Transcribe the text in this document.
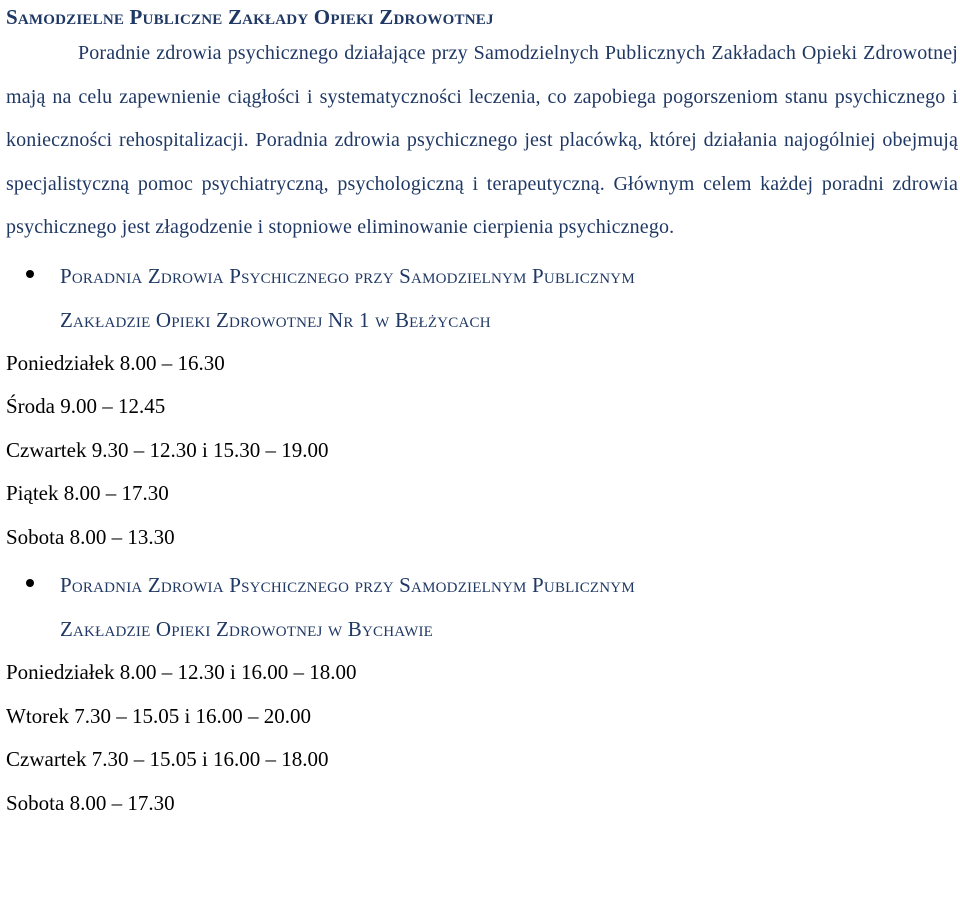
Samodzielne Publiczne Zakłady Opieki Zdrowotnej

Poradnie zdrowia psychicznego działające przy Samodzielnych Publicznych Zakładach Opieki Zdrowotnej mają na celu zapewnienie ciągłości i systematyczności leczenia, co zapobiega pogorszeniom stanu psychicznego i konieczności rehospitalizacji. Poradnia zdrowia psychicznego jest placówką, której działania najogólniej obejmują specjalistyczną pomoc psychiatryczną, psychologiczną i terapeutyczną. Głównym celem każdej poradni zdrowia psychicznego jest złagodzenie i stopniowe eliminowanie cierpienia psychicznego.

Poradnia Zdrowia Psychicznego przy Samodzielnym Publicznym
Zakładzie Opieki Zdrowotnej Nr 1 w Bełżycach
Poniedziałek 8.00 – 16.30
Środa 9.00 – 12.45
Czwartek 9.30 – 12.30 i 15.30 – 19.00
Piątek 8.00 – 17.30
Sobota 8.00 – 13.30
Poradnia Zdrowia Psychicznego przy Samodzielnym Publicznym
Zakładzie Opieki Zdrowotnej w Bychawie
Poniedziałek 8.00 – 12.30 i 16.00 – 18.00
Wtorek 7.30 – 15.05 i 16.00 – 20.00
Czwartek 7.30 – 15.05 i 16.00 – 18.00
Sobota 8.00 – 17.30
